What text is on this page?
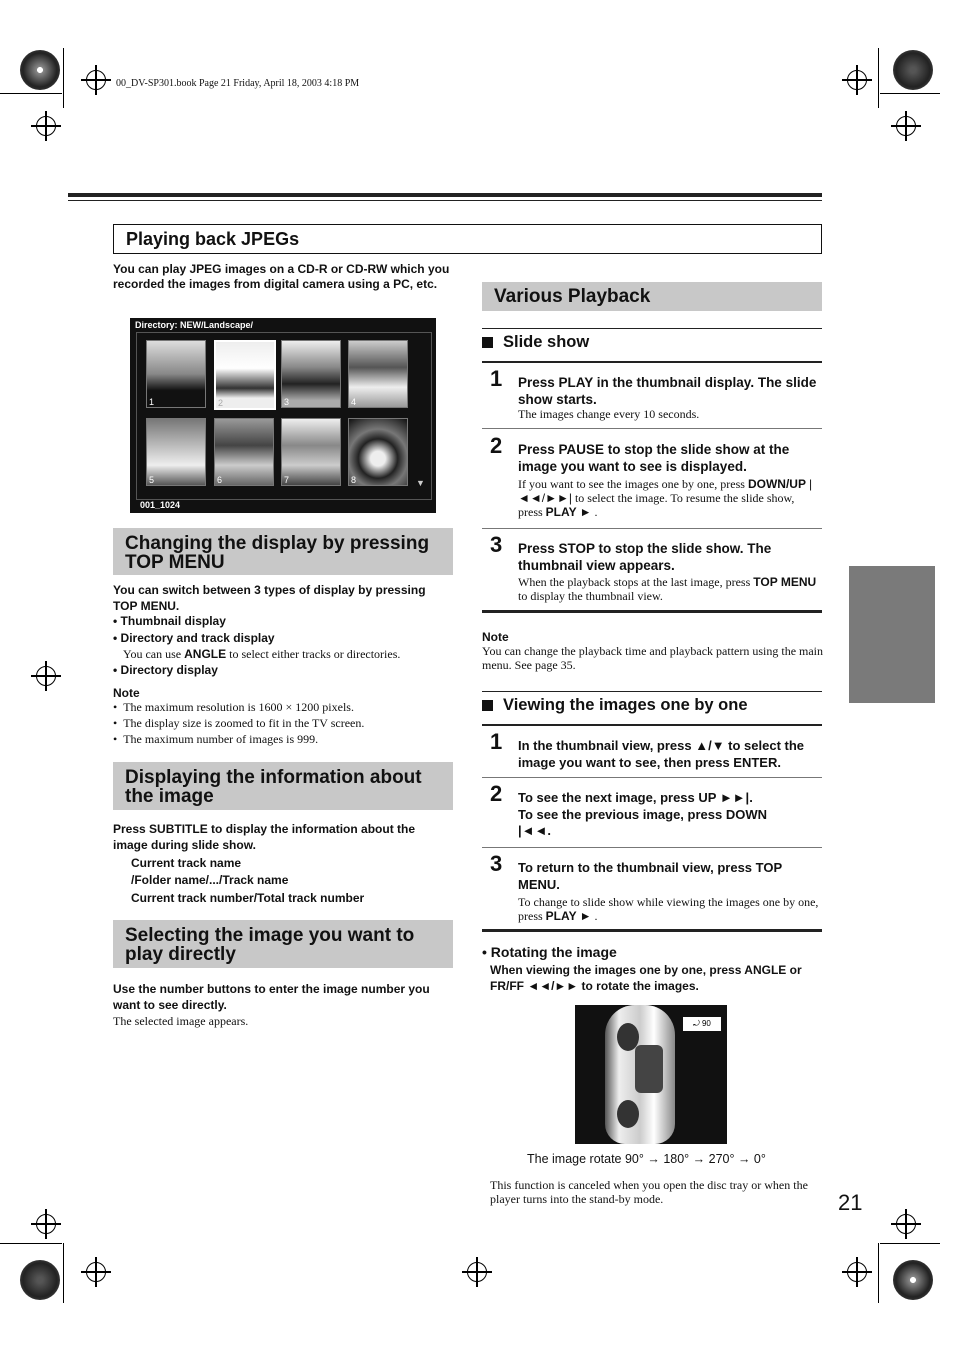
00_DV-SP301.book Page 21 Friday, April 18, 2003 4:18 PM
Playing back JPEGs
You can play JPEG images on a CD-R or CD-RW which you recorded the images from digital camera using a PC, etc.
Directory: NEW/Landscape/
1	2	3	4
5	6	7	8	▼
001_1024
Changing the display by pressing TOP MENU
You can switch between 3 types of display by pressing TOP MENU.
• Thumbnail display
• Directory and track display
You can use ANGLE to select either tracks or directories.
• Directory display
Note
•  The maximum resolution is 1600 × 1200 pixels.
•  The display size is zoomed to fit in the TV screen.
•  The maximum number of images is 999.
Displaying the information about the image
Press SUBTITLE to display the information about the image during slide show.
Current track name
/Folder name/.../Track name
Current track number/Total track number
Selecting the image you want to play directly
Use the number buttons to enter the image number you want to see directly.
The selected image appears.
Various Playback
Slide show
1 Press PLAY in the thumbnail display. The slide show starts.
The images change every 10 seconds.
2 Press PAUSE to stop the slide show at the image you want to see is displayed.
If you want to see the images one by one, press DOWN/UP |◄◄/►►| to select the image. To resume the slide show, press PLAY ► .
3 Press STOP to stop the slide show. The thumbnail view appears.
When the playback stops at the last image, press TOP MENU to display the thumbnail view.
Note
You can change the playback time and playback pattern using the main menu. See page 35.
Viewing the images one by one
1 In the thumbnail view, press ▲/▼ to select the image you want to see, then press ENTER.
2 To see the next image, press UP ►►|.
To see the previous image, press DOWN
|◄◄.
3 To return to the thumbnail view, press TOP MENU.
To change to slide show while viewing the images one by one, press PLAY ► .
• Rotating the image
When viewing the images one by one, press ANGLE or FR/FF ◄◄/►► to rotate the images.
⤾ 90
The image rotate 90° → 180° → 270° → 0°
This function is canceled when you open the disc tray or when the player turns into the stand-by mode.	21
